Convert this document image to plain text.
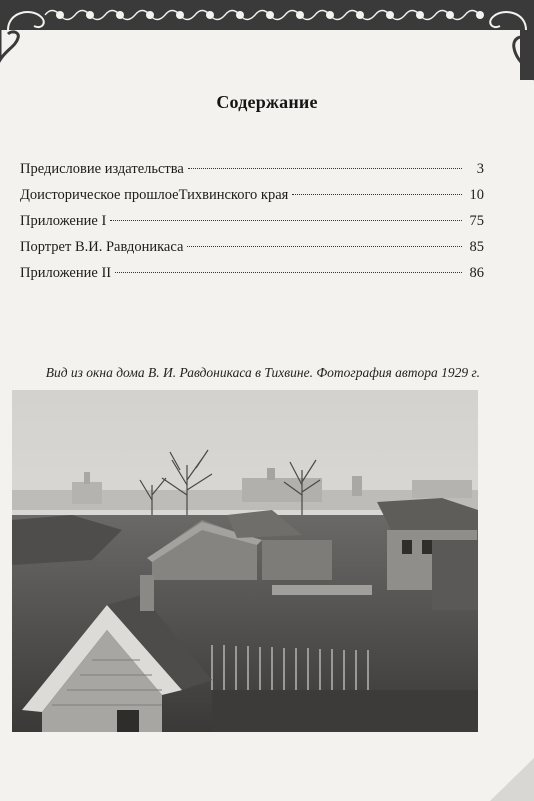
Содержание
Предисловие издательства	3
Доисторическое прошлоеТихвинского края	10
Приложение I	75
Портрет В.И. Равдоникаса	85
Приложение II	86
Вид из окна дома В. И. Равдоникаса в Тихвине. Фотография автора 1929 г.
